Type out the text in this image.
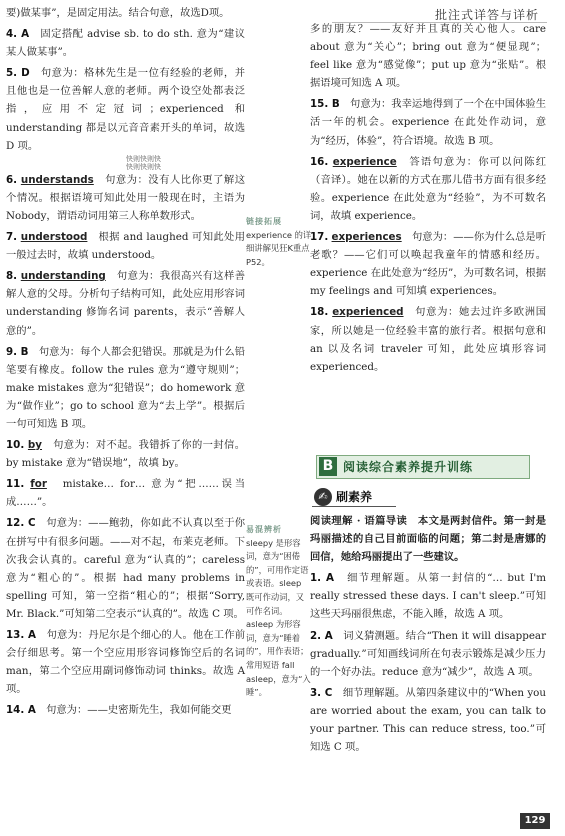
批注式详答与详析

要)做某事”，是固定用法。结合句意，故选D项。

4. A　 固定搭配 advise sb. to do sth. 意为“建议某人做某事”。

5. D　 句意为：格林先生是一位有经验的老师，并且他也是一位善解人意的老师。两个设空处都表泛指，应用不定冠词；experienced 和 understanding 都是以元音音素开头的单词，故选 D 项。

快则快则快
快则快则快

6. understands　 句意为：没有人比你更了解这个情况。根据语境可知此处用一般现在时，主语为 Nobody，谓语动词用第三人称单数形式。

7. understood　 根据 and laughed 可知此处用一般过去时，故填 understood。

8. understanding　 句意为：我很高兴有这样善解人意的父母。分析句子结构可知，此处应用形容词 understanding 修饰名词 parents，表示“善解人意的”。

9. B　 句意为：每个人都会犯错误。那就是为什么铅笔要有橡皮。follow the rules 意为“遵守规则”；make mistakes 意为“犯错误”；do homework 意为“做作业”；go to school 意为“去上学”。根据后一句可知选 B 项。

10. by　 句意为：对不起。我错拆了你的一封信。by mistake 意为“错误地”，故填 by。

11. for　 mistake… for… 意为“把……误当成……”。

12. C　 句意为：——鲍勃，你如此不认真以至于你在拼写中有很多问题。——对不起，布莱克老师。下次我会认真的。careful 意为“认真的”；careless 意为“粗心的”。根据 had many problems in spelling 可知，第一空指“粗心的”；根据“Sorry, Mr. Black.”可知第二空表示“认真的”。故选 C 项。

13. A　 句意为：丹尼尔是个细心的人。他在工作前会仔细思考。第一个空应用形容词修饰空后的名词 man，第二个空应用副词修饰动词 thinks。故选 A 项。

14. A　 句意为：——史密斯先生，我如何能交更

链接拓展
experience 的详细讲解见狂K重点 P52。
易混辨析
sleepy 是形容词，意为“困倦的”，可用作定语或表语。sleep 既可作动词，又可作名词。asleep 为形容词，意为“睡着的”，用作表语；常用短语 fall asleep，意为“入睡”。

多的朋友？——友好并且真的关心他人。care about 意为“关心”；bring out 意为“便显现”；feel like 意为“感觉像”；put up 意为“张贴”。根据语境可知选 A 项。

15. B　 句意为：我幸运地得到了一个在中国体验生活一年的机会。experience 在此处作动词，意为“经历，体验”，符合语境。故选 B 项。

16. experience　 答语句意为：你可以问陈红（音译）。她在以新的方式在那儿借书方面有很多经验。experience 在此处意为“经验”，为不可数名词，故填 experience。

17. experiences　 句意为：——你为什么总是听老歌？——它们可以唤起我童年的情感和经历。experience 在此处意为“经历”，为可数名词，根据 my feelings and 可知填 experiences。

18. experienced　 句意为：她去过许多欧洲国家，所以她是一位经验丰富的旅行者。根据句意和 an 以及名词 traveler 可知，此处应填形容词 experienced。

B 阅读综合素养提升训练
✍ 刷素养

阅读理解 · 语篇导读　本文是两封信件。第一封是玛丽描述的自己目前面临的问题；第二封是唐娜的回信，她给玛丽提出了一些建议。

1. A　 细节理解题。从第一封信的“… but I'm really stressed these days. I can't sleep.”可知这些天玛丽很焦虑，不能入睡，故选 A 项。

2. A　 词义猜测题。结合“Then it will disappear gradually.”可知画线词所在句表示锻炼是减少压力的一个好办法。reduce 意为“减少”，故选 A 项。

3. C　 细节理解题。从第四条建议中的“When you are worried about the exam, you can talk to your partner. This can reduce stress, too.”可知选 C 项。

129
